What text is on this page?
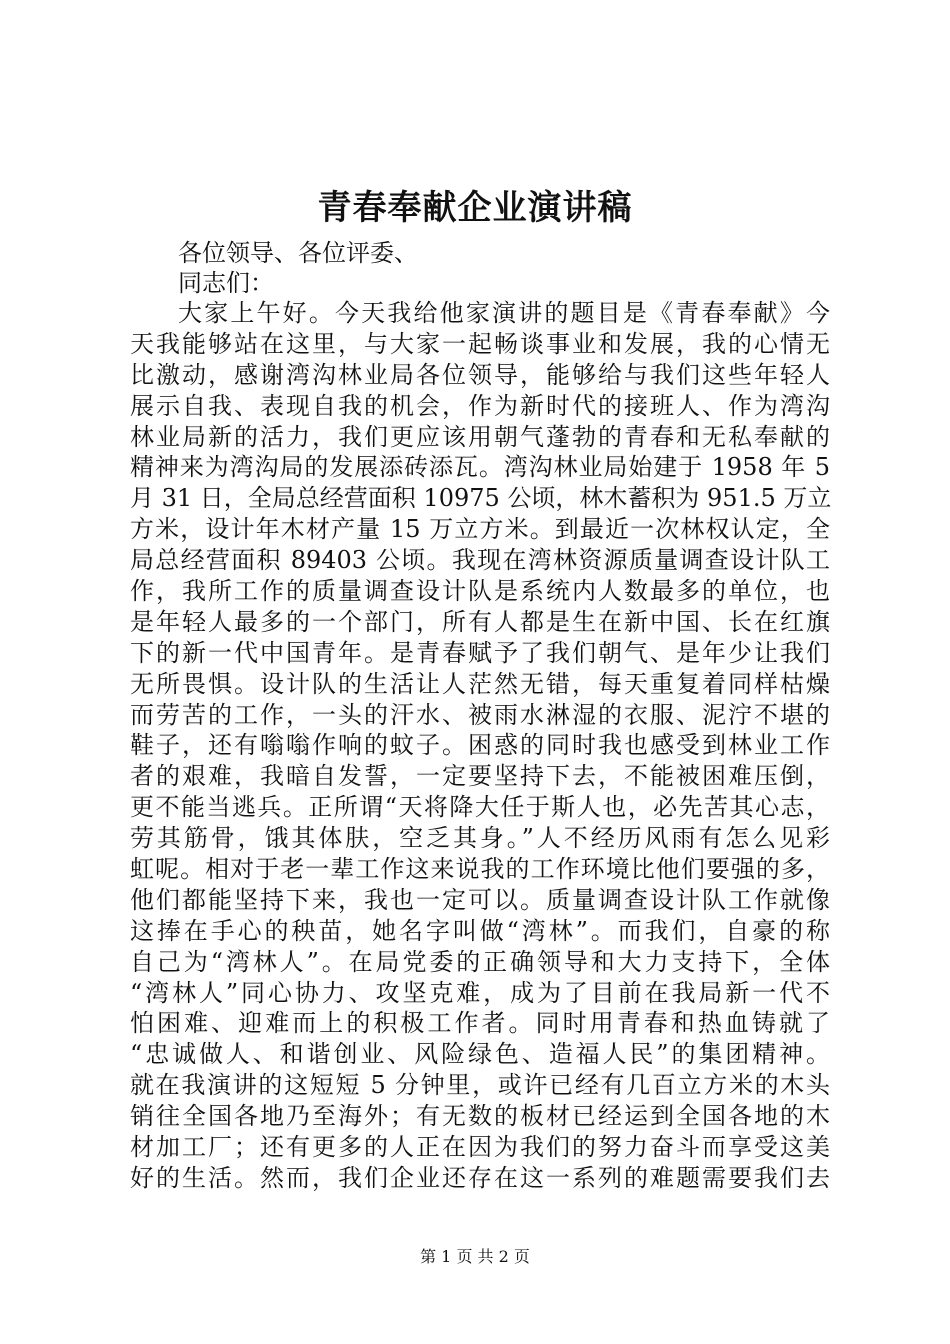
青春奉献企业演讲稿
各位领导、各位评委、
同志们：
大家上午好。今天我给他家演讲的题目是《青春奉献》今
天我能够站在这里，与大家一起畅谈事业和发展，我的心情无
比激动，感谢湾沟林业局各位领导，能够给与我们这些年轻人
展示自我、表现自我的机会，作为新时代的接班人、作为湾沟
林业局新的活力，我们更应该用朝气蓬勃的青春和无私奉献的
精神来为湾沟局的发展添砖添瓦。湾沟林业局始建于 1958 年 5
月 31 日，全局总经营面积 10975 公顷，林木蓄积为 951.5 万立
方米，设计年木材产量 15 万立方米。到最近一次林权认定，全
局总经营面积 89403 公顷。我现在湾林资源质量调查设计队工
作，我所工作的质量调查设计队是系统内人数最多的单位，也
是年轻人最多的一个部门，所有人都是生在新中国、长在红旗
下的新一代中国青年。是青春赋予了我们朝气、是年少让我们
无所畏惧。设计队的生活让人茫然无错，每天重复着同样枯燥
而劳苦的工作，一头的汗水、被雨水淋湿的衣服、泥泞不堪的
鞋子，还有嗡嗡作响的蚊子。困惑的同时我也感受到林业工作
者的艰难，我暗自发誓，一定要坚持下去，不能被困难压倒，
更不能当逃兵。正所谓“天将降大任于斯人也，必先苦其心志，
劳其筋骨，饿其体肤，空乏其身。”人不经历风雨有怎么见彩
虹呢。相对于老一辈工作这来说我的工作环境比他们要强的多，
他们都能坚持下来，我也一定可以。质量调查设计队工作就像
这捧在手心的秧苗，她名字叫做“湾林”。而我们，自豪的称
自己为“湾林人”。在局党委的正确领导和大力支持下，全体
“湾林人”同心协力、攻坚克难，成为了目前在我局新一代不
怕困难、迎难而上的积极工作者。同时用青春和热血铸就了
“忠诚做人、和谐创业、风险绿色、造福人民”的集团精神。
就在我演讲的这短短 5 分钟里，或许已经有几百立方米的木头
销往全国各地乃至海外；有无数的板材已经运到全国各地的木
材加工厂；还有更多的人正在因为我们的努力奋斗而享受这美
好的生活。然而，我们企业还存在这一系列的难题需要我们去
第 1 页 共 2 页
